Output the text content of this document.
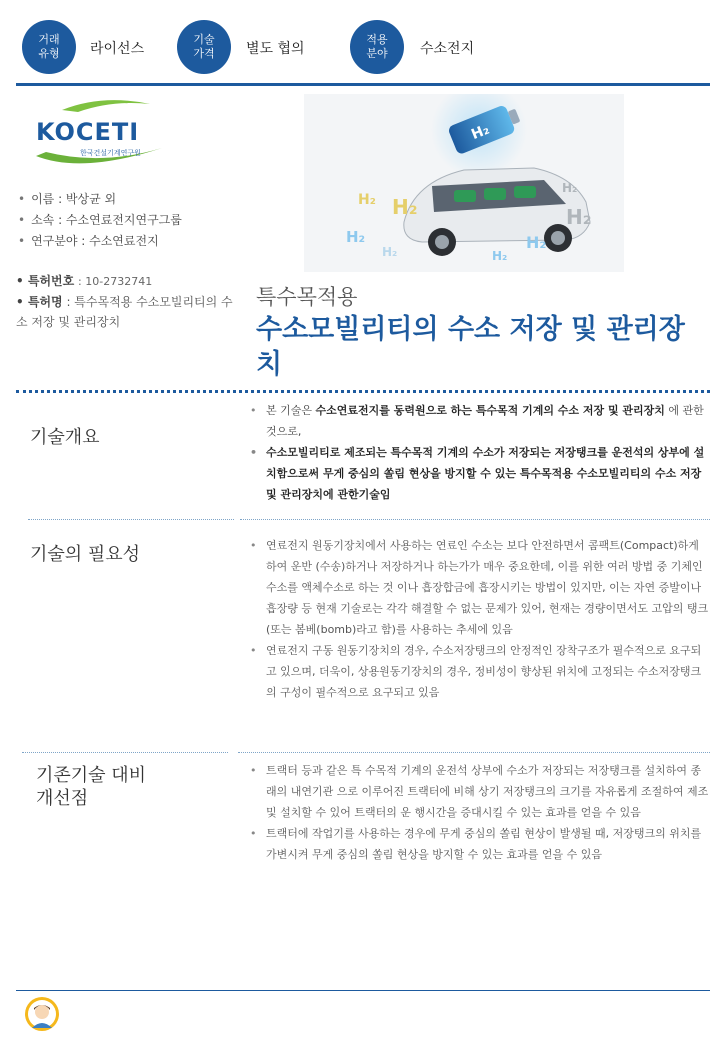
거래
유형 라이선스
기술
가격 별도 협의
적용
분야 수소전지
KOCETI
한국건설기계연구원
• 이름 : 박상균 외
• 소속 : 수소연료전지연구그룹
• 연구분야 : 수소연료전지
• 특허번호 : 10-2732741
• 특허명 : 특수목적용 수소모빌리티의 수소 저장 및 관리장치
H₂
H₂ H₂
H₂
H₂
H₂
H₂
H₂
H₂
특수목적용
수소모빌리티의 수소 저장 및 관리장치
기술개요
• 본 기술은 수소연료전지를 동력원으로 하는 특수목적 기계의 수소 저장 및 관리장치 에 관한 것으로,
• 수소모빌리티로 제조되는 특수목적 기계의 수소가 저장되는 저장탱크를 운전석의 상부에 설치함으로써 무게 중심의 쏠림 현상을 방지할 수 있는 특수목적용 수소모빌리티의 수소 저장 및 관리장치에 관한기술임
기술의 필요성
•	연료전지 원동기장치에서 사용하는 연료인 수소는 보다 안전하면서 콤팩트(Compact)하게 하여 운반 (수송)하거나 저장하거나 하는가가 매우 중요한데, 이를 위한 여러 방법 중 기체인 수소를 액체수소로 하는 것 이나 흡장합금에 흡장시키는 방법이 있지만, 이는 자연 증발이나 흡장량 등 현재 기술로는 각각 해결할 수 없는 문제가 있어, 현재는 경량이면서도 고압의 탱크(또는 봄베(bomb)라고 함)를 사용하는 추세에 있음
• 연료전지 구동 원동기장치의 경우, 수소저장탱크의 안정적인 장착구조가 필수적으로 요구되고 있으며, 더욱이, 상용원동기장치의 경우, 정비성이 향상된 위치에 고정되는 수소저장탱크의 구성이 필수적으로 요구되고 있음
기존기술 대비
개선점
• 트랙터 등과 같은 특 수목적 기계의 운전석 상부에 수소가 저장되는 저장탱크를 설치하여 종래의 내연기관 으로 이루어진 트랙터에 비해 상기 저장탱크의 크기를 자유롭게 조절하여 제조 및 설치할 수 있어 트랙터의 운 행시간을 증대시킬 수 있는 효과를 얻을 수 있음
• 트랙터에 작업기를 사용하는 경우에 무게 중심의 쏠림 현상이 발생될 때, 저장탱크의 위치를 가변시켜 무게 중심의 쏠림 현상을 방지할 수 있는 효과를 얻을 수 있음
